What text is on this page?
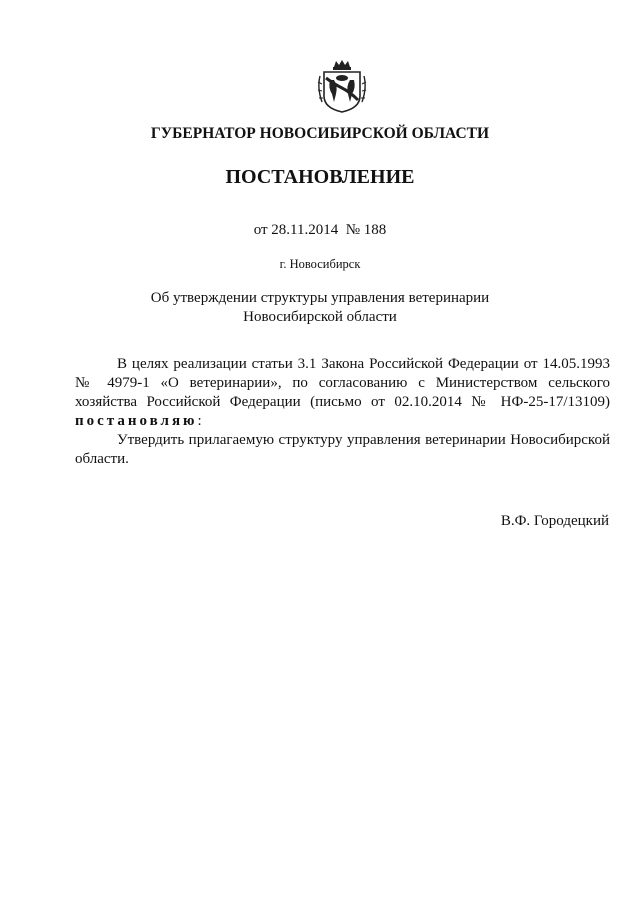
ГУБЕРНАТОР НОВОСИБИРСКОЙ ОБЛАСТИ
ПОСТАНОВЛЕНИЕ
от 28.11.2014 № 188
г. Новосибирск
Об утверждении структуры управления ветеринарии
Новосибирской области

В целях реализации статьи 3.1 Закона Российской Федерации от 14.05.1993

№ 4979-1 «О ветеринарии», по согласованию с Министерством сельского

хозяйства Российской Федерации (письмо от 02.10.2014 № НФ-25-17/13109)

постановляю:

Утвердить прилагаемую структуру управления ветеринарии Новосибирской

области.

В.Ф. Городецкий
